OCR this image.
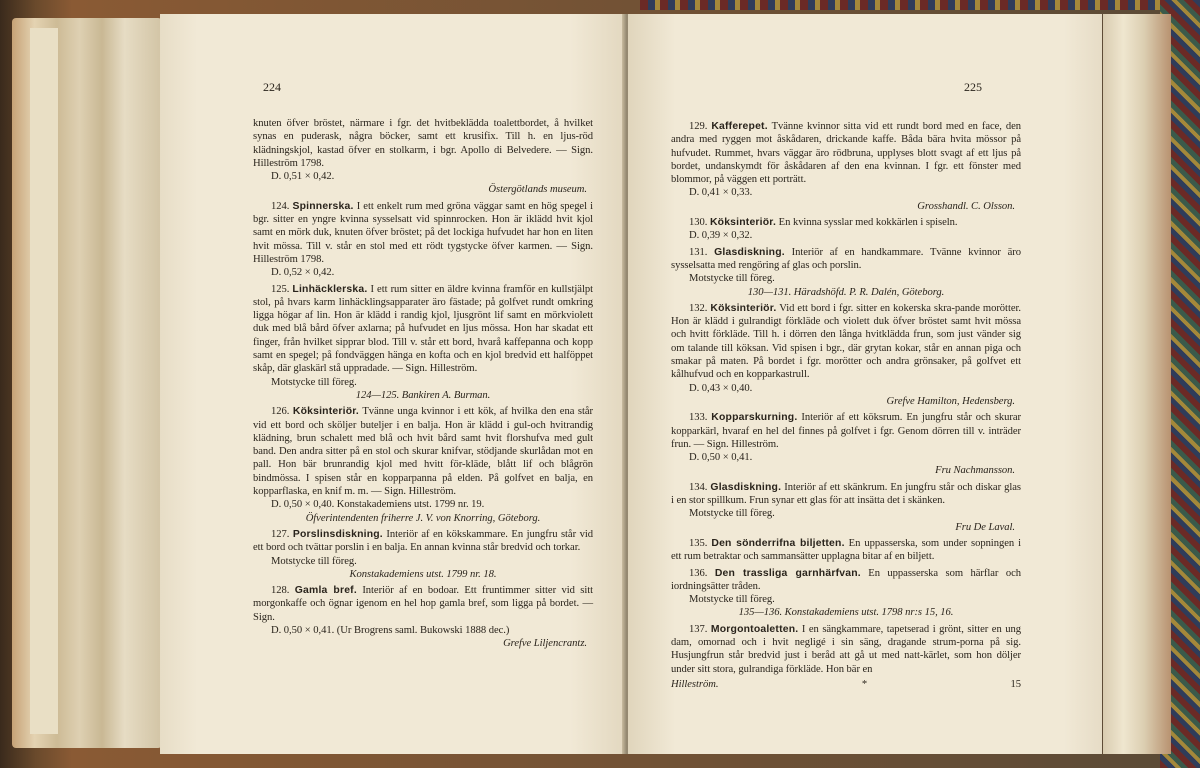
224

knuten öfver bröstet, närmare i fgr. det hvitbeklädda toalettbordet, å hvilket synas en puderask, några böcker, samt ett krusifix. Till h. en ljus-röd klädningskjol, kastad öfver en stolkarm, i bgr. Apollo di Belvedere. — Sign. Hilleström 1798.

D. 0,51 × 0,42.

Östergötlands museum.

124. Spinnerska. I ett enkelt rum med gröna väggar samt en hög spegel i bgr. sitter en yngre kvinna sysselsatt vid spinnrocken. Hon är iklädd hvit kjol samt en mörk duk, knuten öfver bröstet; på det lockiga hufvudet har hon en liten hvit mössa. Till v. står en stol med ett rödt tygstycke öfver karmen. — Sign. Hilleström 1798.

D. 0,52 × 0,42.

125. Linhäcklerska. I ett rum sitter en äldre kvinna framför en kullstjälpt stol, på hvars karm linhäcklingsapparater äro fästade; på golfvet rundt omkring ligga högar af lin. Hon är klädd i randig kjol, ljusgrönt lif samt en mörkviolett duk med blå bård öfver axlarna; på hufvudet en ljus mössa. Hon har skadat ett finger, från hvilket sipprar blod. Till v. står ett bord, hvarå kaffepanna och kopp samt en spegel; på fondväggen hänga en kofta och en kjol bredvid ett halföppet skåp, där glaskärl stå uppradade. — Sign. Hilleström.

Motstycke till föreg.

124—125. Bankiren A. Burman.

126. Köksinteriör. Tvänne unga kvinnor i ett kök, af hvilka den ena står vid ett bord och sköljer buteljer i en balja. Hon är klädd i gul-och hvitrandig klädning, brun schalett med blå och hvit bård samt hvit florshufva med gult band. Den andra sitter på en stol och skurar knifvar, stödjande skurlådan mot en pall. Hon bär brunrandig kjol med hvitt för-kläde, blått lif och blågrön bindmössa. I spisen står en kopparpanna på elden. På golfvet en balja, en kopparflaska, en knif m. m. — Sign. Hilleström.

D. 0,50 × 0,40. Konstakademiens utst. 1799 nr. 19.

Öfverintendenten friherre J. V. von Knorring, Göteborg.

127. Porslinsdiskning. Interiör af en kökskammare. En jungfru står vid ett bord och tvättar porslin i en balja. En annan kvinna står bredvid och torkar.

Motstycke till föreg.

Konstakademiens utst. 1799 nr. 18.

128. Gamla bref. Interiör af en bodoar. Ett fruntimmer sitter vid sitt morgonkaffe och ögnar igenom en hel hop gamla bref, som ligga på bordet. — Sign.

D. 0,50 × 0,41. (Ur Brogrens saml. Bukowski 1888 dec.)

Grefve Liljencrantz.

225

129. Kafferepet. Tvänne kvinnor sitta vid ett rundt bord med en face, den andra med ryggen mot åskådaren, drickande kaffe. Båda bära hvita mössor på hufvudet. Rummet, hvars väggar äro rödbruna, upplyses blott svagt af ett ljus på bordet, undanskymdt för åskådaren af den ena kvinnan. I fgr. ett fönster med blommor, på väggen ett porträtt.

D. 0,41 × 0,33.

Grosshandl. C. Olsson.

130. Köksinteriör. En kvinna sysslar med kokkärlen i spiseln.

D. 0,39 × 0,32.

131. Glasdiskning. Interiör af en handkammare. Tvänne kvinnor äro sysselsatta med rengöring af glas och porslin.

Motstycke till föreg.

130—131. Häradshöfd. P. R. Dalén, Göteborg.

132. Köksinteriör. Vid ett bord i fgr. sitter en kokerska skra-pande morötter. Hon är klädd i gulrandigt förkläde och violett duk öfver bröstet samt hvit mössa och hvitt förkläde. Till h. i dörren den långa hvitklädda frun, som just vänder sig om talande till köksan. Vid spisen i bgr., där grytan kokar, står en annan piga och smakar på maten. På bordet i fgr. morötter och andra grönsaker, på golfvet ett kålhufvud och en kopparkastrull.

D. 0,43 × 0,40.

Grefve Hamilton, Hedensberg.

133. Kopparskurning. Interiör af ett köksrum. En jungfru står och skurar kopparkärl, hvaraf en hel del finnes på golfvet i fgr. Genom dörren till v. inträder frun. — Sign. Hilleström.

D. 0,50 × 0,41.

Fru Nachmansson.

134. Glasdiskning. Interiör af ett skänkrum. En jungfru står och diskar glas i en stor spillkum. Frun synar ett glas för att insätta det i skänken.

Motstycke till föreg.

Fru De Laval.

135. Den sönderrifna biljetten. En uppasserska, som under sopningen i ett rum betraktar och sammansätter upplagna bitar af en biljett.

136. Den trassliga garnhärfvan. En uppasserska som härflar och iordningsätter tråden.

Motstycke till föreg.

135—136. Konstakademiens utst. 1798 nr:s 15, 16.

137. Morgontoaletten. I en sängkammare, tapetserad i grönt, sitter en ung dam, omornad och i hvit negligé i sin säng, dragande strum-porna på sig. Husjungfrun står bredvid just i beråd att gå ut med natt-kärlet, som hon döljer under sitt stora, gulrandiga förkläde. Hon bär en

Hilleström.	*	15
